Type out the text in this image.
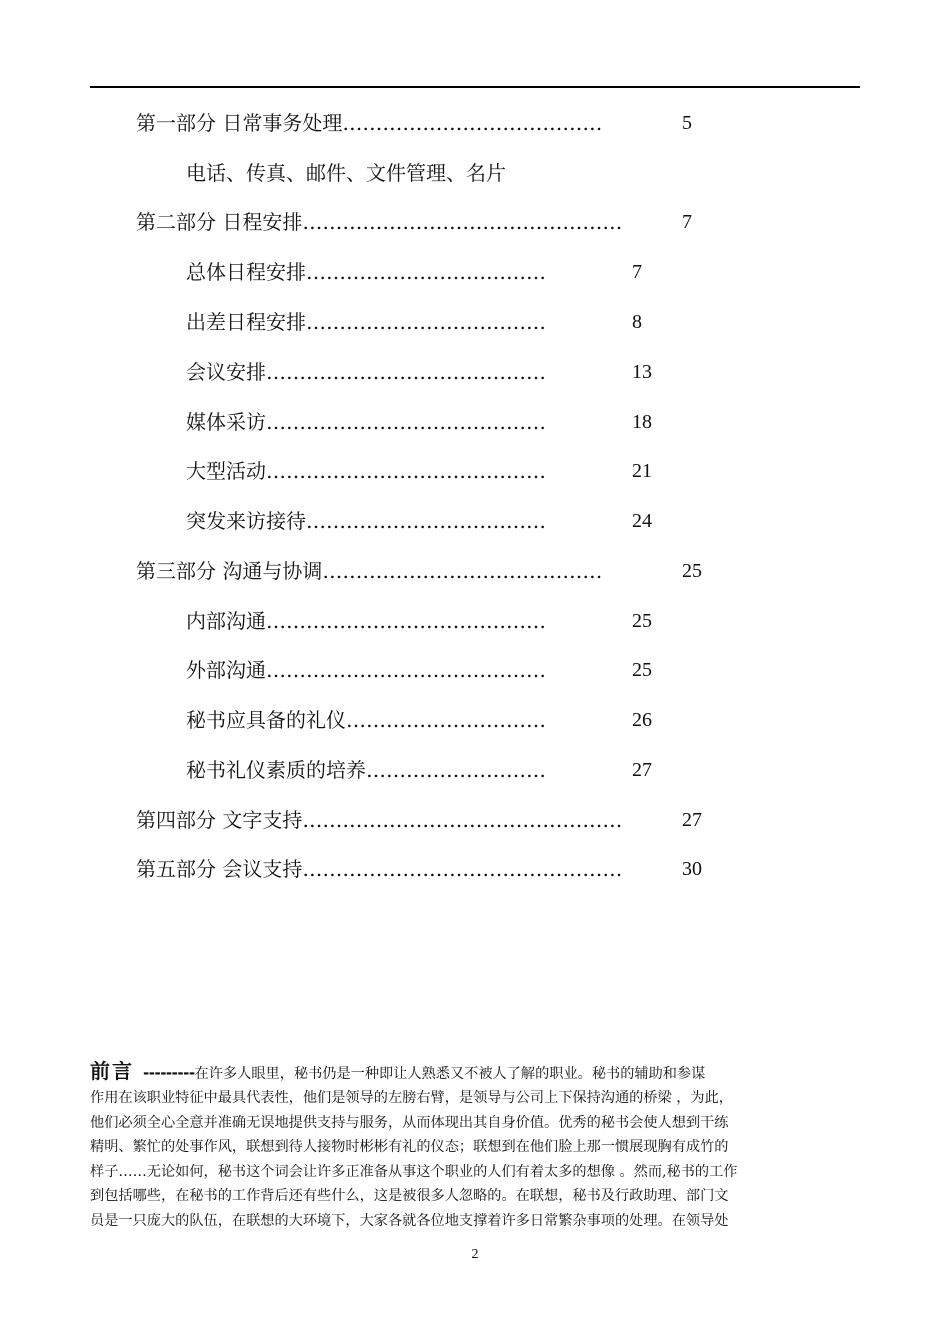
第一部分 日常事务处理…………………………………	5
电话、传真、邮件、文件管理、名片
第二部分 日程安排…………………………………………	7
总体日程安排………………………………	7
出差日程安排………………………………	8
会议安排……………………………………	13
媒体采访……………………………………	18
大型活动……………………………………	21
突发来访接待………………………………	24
第三部分 沟通与协调……………………………………	25
内部沟通……………………………………	25
外部沟通……………………………………	25
秘书应具备的礼仪…………………………	26
秘书礼仪素质的培养………………………	27
第四部分 文字支持…………………………………………	27
第五部分 会议支持…………………………………………	30
前言 ---------在许多人眼里，秘书仍是一种即让人熟悉又不被人了解的职业。秘书的辅助和参谋
作用在该职业特征中最具代表性，他们是领导的左膀右臂，是领导与公司上下保持沟通的桥梁 ，为此，
他们必须全心全意并准确无误地提供支持与服务，从而体现出其自身价值。优秀的秘书会使人想到干练
精明、繁忙的处事作风，联想到待人接物时彬彬有礼的仪态；联想到在他们脸上那一惯展现胸有成竹的
样子……无论如何，秘书这个词会让许多正准备从事这个职业的人们有着太多的想像 。然而,秘书的工作
到包括哪些，在秘书的工作背后还有些什么，这是被很多人忽略的。在联想，秘书及行政助理、部门文
员是一只庞大的队伍，在联想的大环境下，大家各就各位地支撑着许多日常繁杂事项的处理。在领导处
2
